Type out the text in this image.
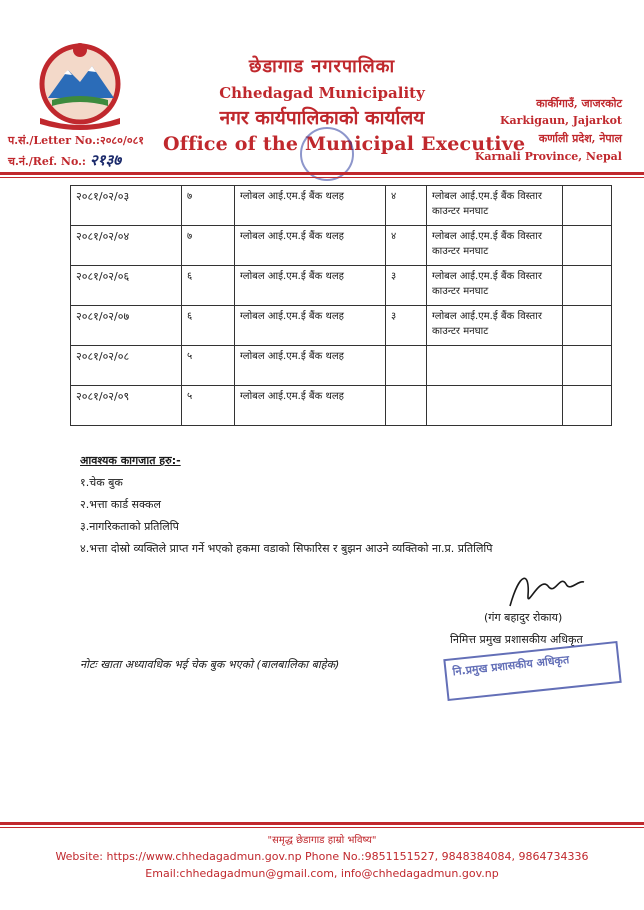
छेडागाड नगरपालिका
Chhedagad Municipality
नगर कार्यपालिकाको कार्यालय
Office of the Municipal Executive
कार्कीगाउँ, जाजरकोट
Karkigaun, Jajarkot
कर्णाली प्रदेश, नेपाल
Karnali Province, Nepal
प.सं./Letter No.:२०८०/०८१
च.नं./Ref. No.: २१३७
२०८१/०२/०३	७	ग्लोबल आई.एम.ई बैंक थलह	४	ग्लोबल आई.एम.ई बैंक विस्तार काउन्टर मनघाट	
२०८१/०२/०४	७	ग्लोबल आई.एम.ई बैंक थलह	४	ग्लोबल आई.एम.ई बैंक विस्तार काउन्टर मनघाट	
२०८१/०२/०६	६	ग्लोबल आई.एम.ई बैंक थलह	३	ग्लोबल आई.एम.ई बैंक विस्तार काउन्टर मनघाट	
२०८१/०२/०७	६	ग्लोबल आई.एम.ई बैंक थलह	३	ग्लोबल आई.एम.ई बैंक विस्तार काउन्टर मनघाट	
२०८१/०२/०८	५	ग्लोबल आई.एम.ई बैंक थलह			
२०८१/०२/०९	५	ग्लोबल आई.एम.ई बैंक थलह			
आवश्यक कागजात हरु:-
१.चेक बुक
२.भत्ता कार्ड सक्कल
३.नागरिकताको प्रतिलिपि
४.भत्ता दोस्रो व्यक्तिले प्राप्त गर्ने भएको हकमा वडाको सिफारिस र बुझन आउने व्यक्तिको ना.प्र. प्रतिलिपि
(गंग बहादुर रोकाय)
निमित्त प्रमुख प्रशासकीय अधिकृत
नि.प्रमुख प्रशासकीय अधिकृत
नोटः खाता अध्यावधिक भई चेक बुक भएको (बालबालिका बाहेक)
"समृद्ध छेडागाड हाम्रो भविष्य"
Website: https://www.chhedagadmun.gov.np Phone No.:9851151527, 9848384084, 9864734336
Email:chhedagadmun@gmail.com, info@chhedagadmun.gov.np
